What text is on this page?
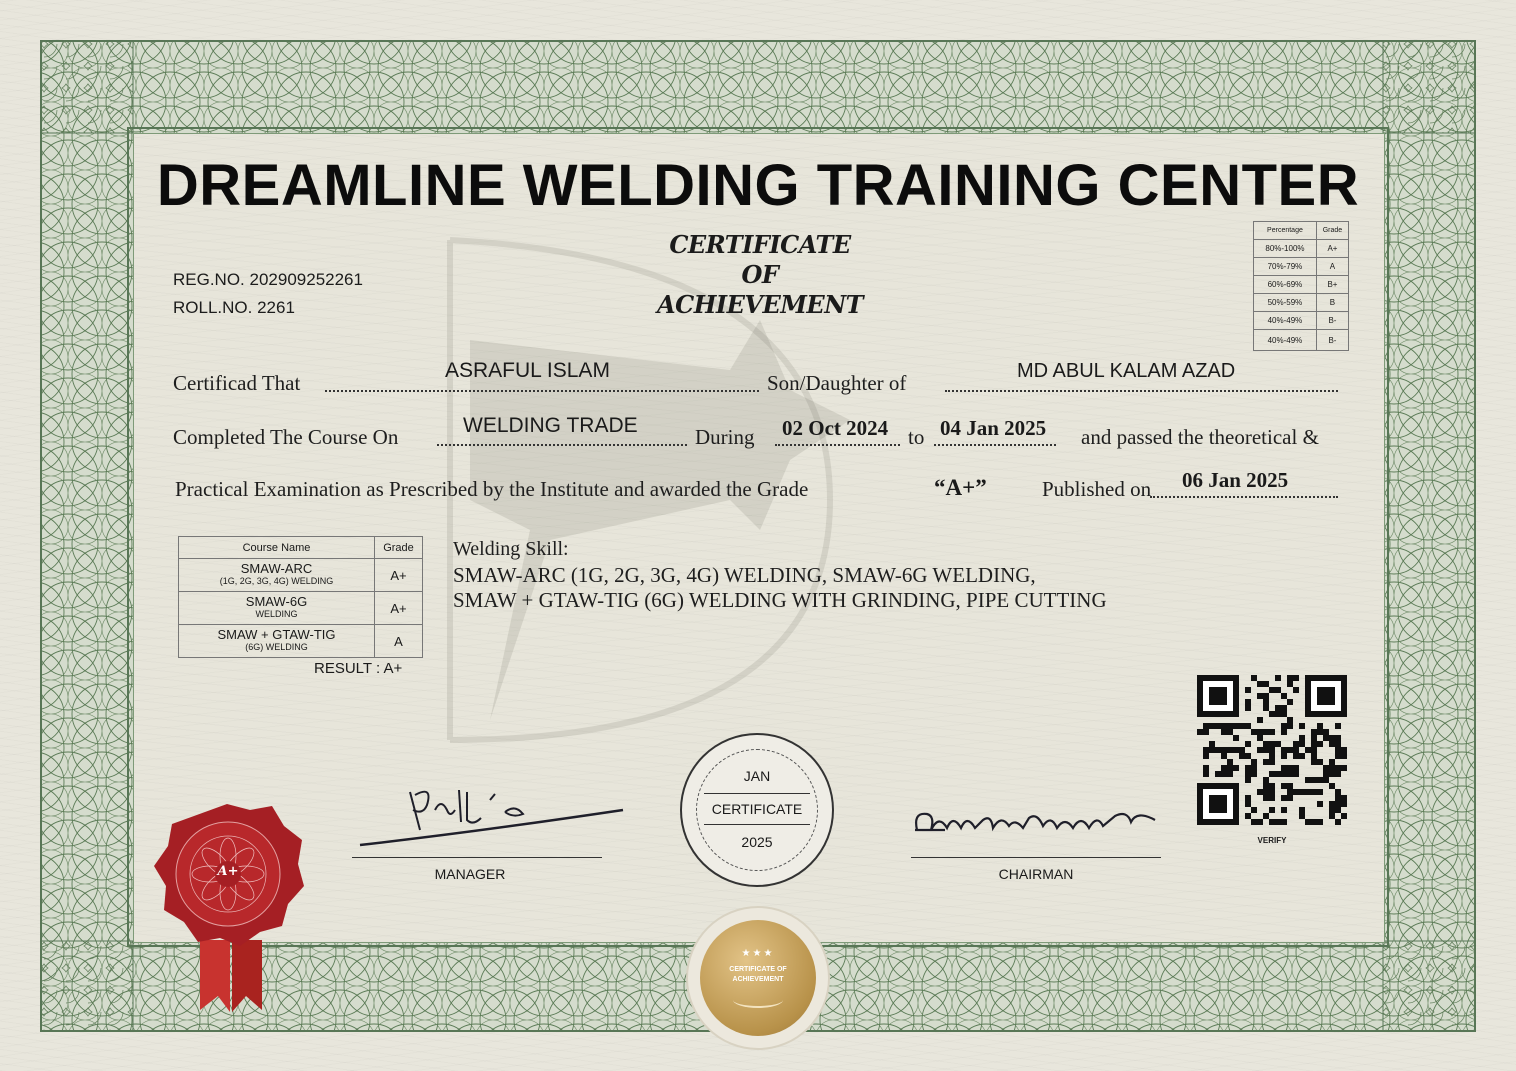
DREAMLINE WELDING TRAINING CENTER
CERTIFICATE
OF
ACHIEVEMENT
REG.NO. 202909252261
ROLL.NO. 2261
Percentage	Grade
80%-100%	A+
70%-79%	A
60%-69%	B+
50%-59%	B
40%-49%	B-
40%-49%	B-
Certificad That
ASRAFUL ISLAM
Son/Daughter of	MD ABUL KALAM AZAD
Completed The Course On	WELDING TRADE	During 02 Oct 2024 to 04 Jan 2025 and passed the theoretical &
Practical Examination as Prescribed by the Institute and awarded the Grade	“A+”	Published on 06 Jan 2025
Course Name	Grade
SMAW-ARC
(1G, 2G, 3G, 4G) WELDING	A+
SMAW-6G
WELDING	A+
SMAW + GTAW-TIG
(6G) WELDING	A
RESULT : A+
Welding Skill:
SMAW-ARC (1G, 2G, 3G, 4G) WELDING, SMAW-6G WELDING,
SMAW + GTAW-TIG (6G) WELDING WITH GRINDING, PIPE CUTTING
VERIFY
MANAGER	CHAIRMAN
JAN
CERTIFICATE
2025
A+
★★★
CERTIFICATE OF
ACHIEVEMENT
